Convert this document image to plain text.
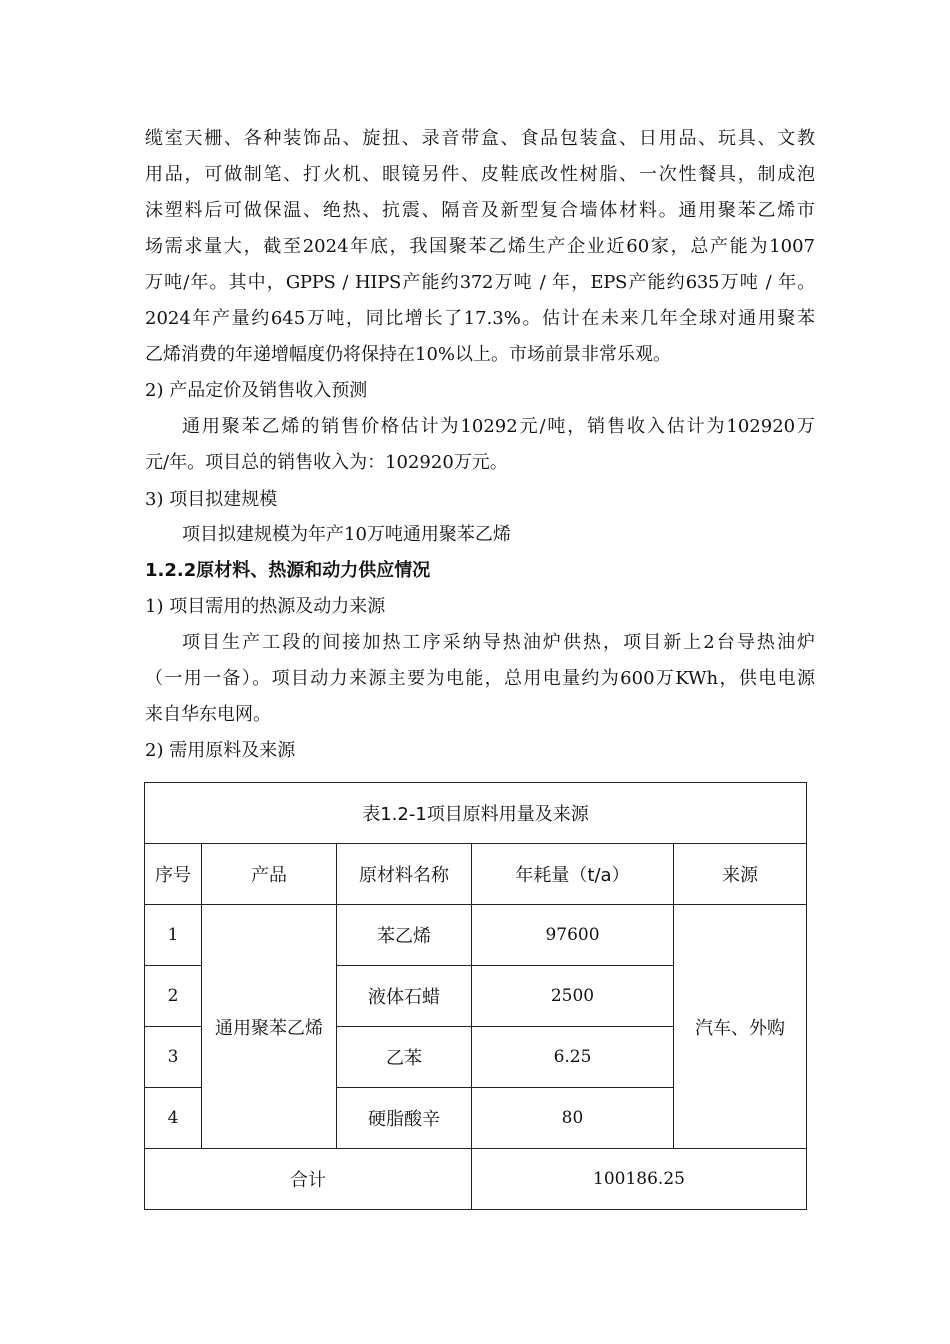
缆室天栅、各种装饰品、旋扭、录音带盒、食品包装盒、日用品、玩具、文教
用品，可做制笔、打火机、眼镜另件、皮鞋底改性树脂、一次性餐具，制成泡
沫塑料后可做保温、绝热、抗震、隔音及新型复合墙体材料。通用聚苯乙烯市
场需求量大，截至2024年底，我国聚苯乙烯生产企业近60家，总产能为1007
万吨/年。其中，GPPS / HIPS产能约372万吨 / 年，EPS产能约635万吨 / 年。
2024年产量约645万吨，同比增长了17.3%。估计在未来几年全球对通用聚苯
乙烯消费的年递增幅度仍将保持在10%以上。市场前景非常乐观。
2) 产品定价及销售收入预测
通用聚苯乙烯的销售价格估计为10292元/吨，销售收入估计为102920万
元/年。项目总的销售收入为：102920万元。
3) 项目拟建规模
项目拟建规模为年产10万吨通用聚苯乙烯
1.2.2原材料、热源和动力供应情况
1) 项目需用的热源及动力来源
项目生产工段的间接加热工序采纳导热油炉供热，项目新上2台导热油炉
（一用一备）。项目动力来源主要为电能，总用电量约为600万KWh，供电电源
来自华东电网。
2) 需用原料及来源
表1.2-1项目原料用量及来源				
序号	产品	原材料名称	年耗量（t/a）	来源
1	通用聚苯乙烯	苯乙烯	97600	汽车、外购
2		液体石蜡	2500	
3		乙苯	6.25	
4		硬脂酸辛	80	
合计			100186.25	
